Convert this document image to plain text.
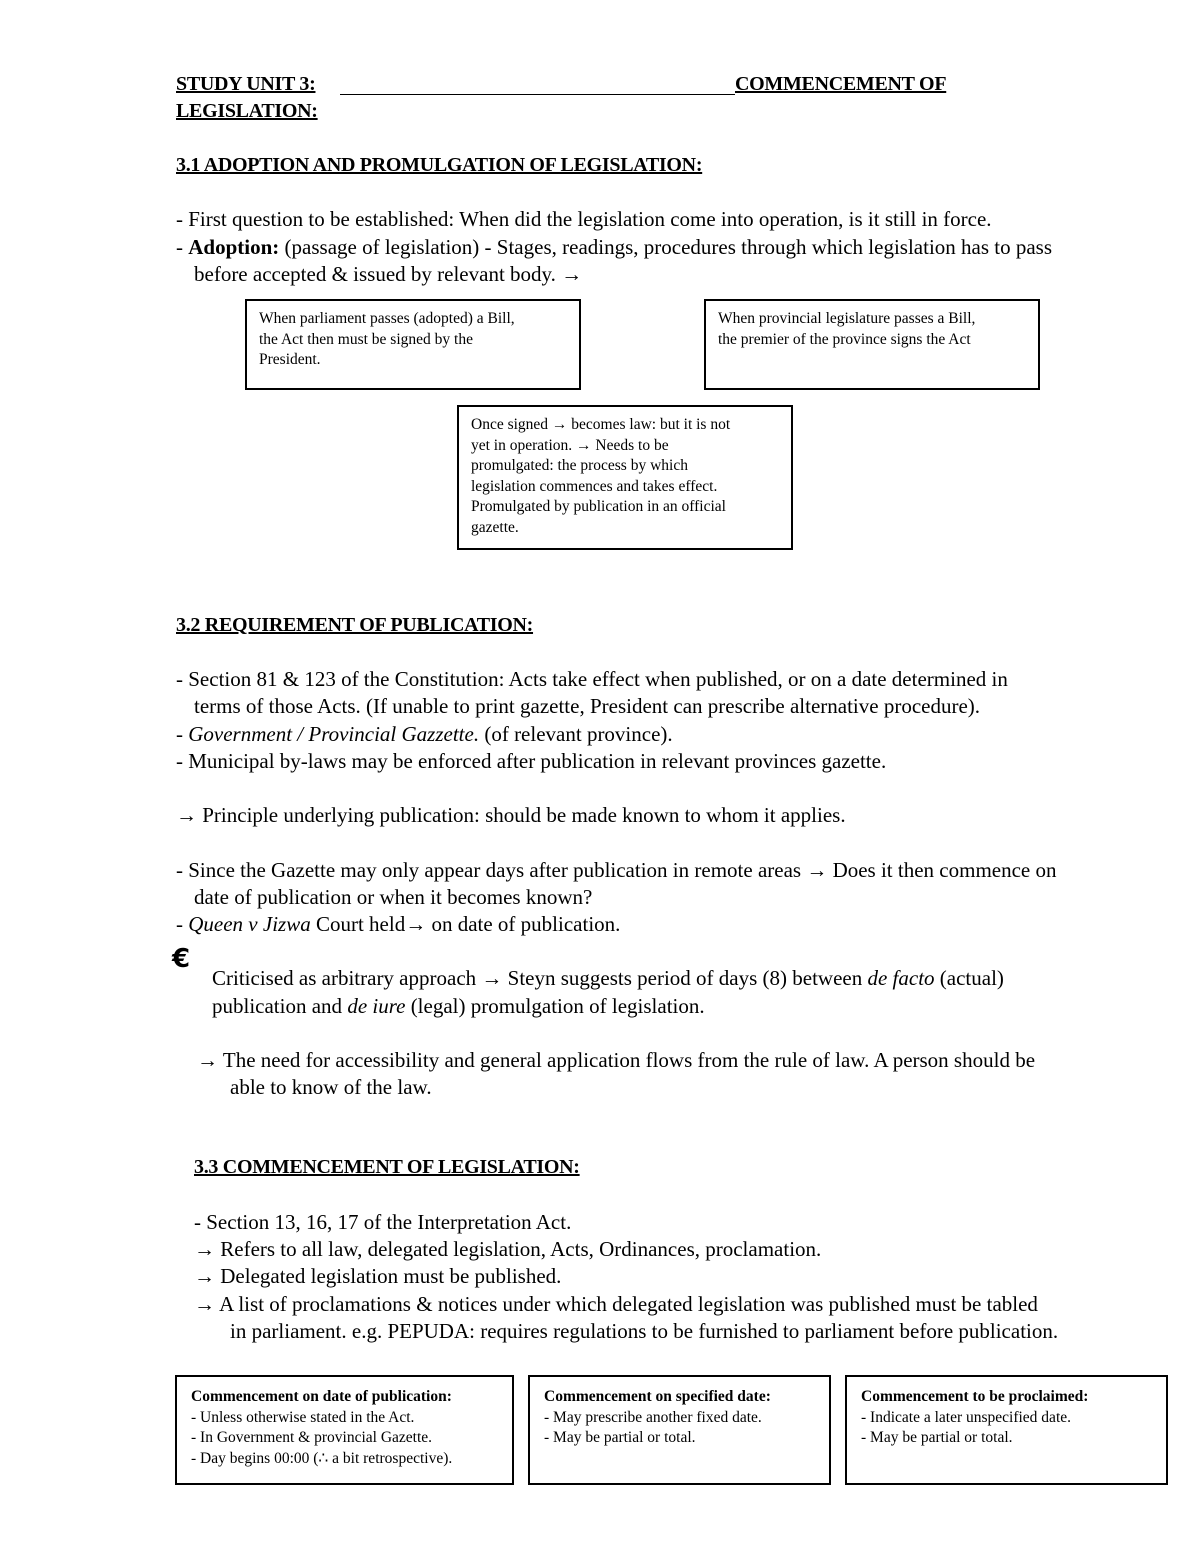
STUDY UNIT 3:	COMMENCEMENT OF
LEGISLATION:
3.1 ADOPTION AND PROMULGATION OF LEGISLATION:
- First question to be established: When did the legislation come into operation, is it still in force.
- Adoption: (passage of legislation) - Stages, readings, procedures through which legislation has to pass
before accepted & issued by relevant body. →
When parliament passes (adopted) a Bill,
the Act then must be signed by the
President.
When provincial legislature passes a Bill,
the premier of the province signs the Act
Once signed → becomes law: but it is not
yet in operation. → Needs to be
promulgated: the process by which
legislation commences and takes effect.
Promulgated by publication in an official
gazette.
3.2 REQUIREMENT OF PUBLICATION:
- Section 81 & 123 of the Constitution: Acts take effect when published, or on a date determined in
terms of those Acts. (If unable to print gazette, President can prescribe alternative procedure).
- Government / Provincial Gazzette. (of relevant province).
- Municipal by-laws may be enforced after publication in relevant provinces gazette.
→ Principle underlying publication: should be made known to whom it applies.
- Since the Gazette may only appear days after publication in remote areas → Does it then commence on
date of publication or when it becomes known?
- Queen v Jizwa Court held→ on date of publication.
€
Criticised as arbitrary approach → Steyn suggests period of days (8) between de facto (actual)
publication and de iure (legal) promulgation of legislation.
→ The need for accessibility and general application flows from the rule of law. A person should be
able to know of the law.
3.3 COMMENCEMENT OF LEGISLATION:
- Section 13, 16, 17 of the Interpretation Act.
→ Refers to all law, delegated legislation, Acts, Ordinances, proclamation.
→ Delegated legislation must be published.
→ A list of proclamations & notices under which delegated legislation was published must be tabled
in parliament. e.g. PEPUDA: requires regulations to be furnished to parliament before publication.
Commencement on date of publication:
- Unless otherwise stated in the Act.
- In Government & provincial Gazette.
- Day begins 00:00 (∴ a bit retrospective).
Commencement on specified date:
- May prescribe another fixed date.
- May be partial or total.
Commencement to be proclaimed:
- Indicate a later unspecified date.
- May be partial or total.
